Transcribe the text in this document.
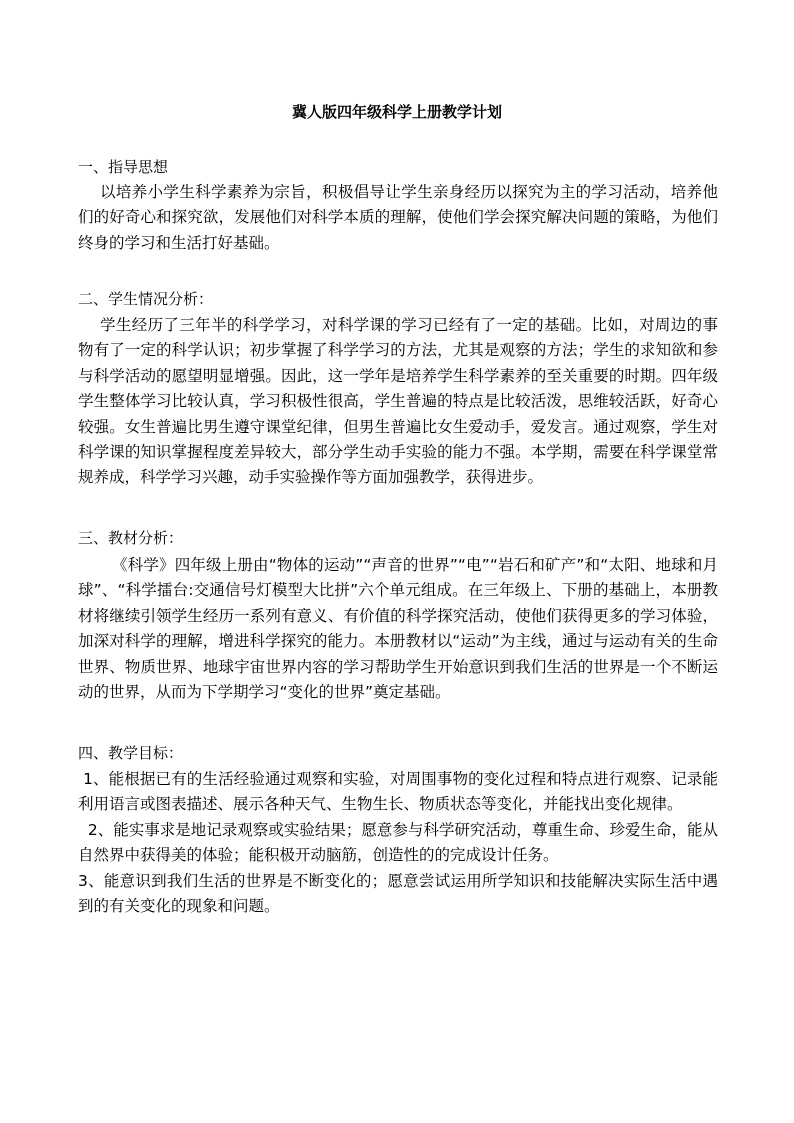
冀人版四年级科学上册教学计划
一、指导思想

以培养小学生科学素养为宗旨，积极倡导让学生亲身经历以探究为主的学习活动，培养他们的好奇心和探究欲，发展他们对科学本质的理解，使他们学会探究解决问题的策略，为他们终身的学习和生活打好基础。

二、学生情况分析：

学生经历了三年半的科学学习，对科学课的学习已经有了一定的基础。比如，对周边的事物有了一定的科学认识；初步掌握了科学学习的方法，尤其是观察的方法；学生的求知欲和参与科学活动的愿望明显增强。因此，这一学年是培养学生科学素养的至关重要的时期。四年级学生整体学习比较认真，学习积极性很高，学生普遍的特点是比较活泼，思维较活跃，好奇心较强。女生普遍比男生遵守课堂纪律，但男生普遍比女生爱动手，爱发言。通过观察，学生对科学课的知识掌握程度差异较大，部分学生动手实验的能力不强。本学期，需要在科学课堂常规养成，科学学习兴趣，动手实验操作等方面加强教学，获得进步。

三、教材分析：

《科学》四年级上册由“物体的运动”“声音的世界”“电”“岩石和矿产”和“太阳、地球和月球”、“科学擂台:交通信号灯模型大比拼”六个单元组成。在三年级上、下册的基础上，本册教材将继续引领学生经历一系列有意义、有价值的科学探究活动，使他们获得更多的学习体验，加深对科学的理解，增进科学探究的能力。本册教材以“运动”为主线，通过与运动有关的生命世界、物质世界、地球宇宙世界内容的学习帮助学生开始意识到我们生活的世界是一个不断运动的世界，从而为下学期学习“变化的世界”奠定基础。

四、教学目标：

1、能根据已有的生活经验通过观察和实验，对周围事物的变化过程和特点进行观察、记录能利用语言或图表描述、展示各种天气、生物生长、物质状态等变化，并能找出变化规律。

2、能实事求是地记录观察或实验结果；愿意参与科学研究活动，尊重生命、珍爱生命，能从自然界中获得美的体验；能积极开动脑筋，创造性的的完成设计任务。

3、能意识到我们生活的世界是不断变化的；愿意尝试运用所学知识和技能解决实际生活中遇到的有关变化的现象和问题。
